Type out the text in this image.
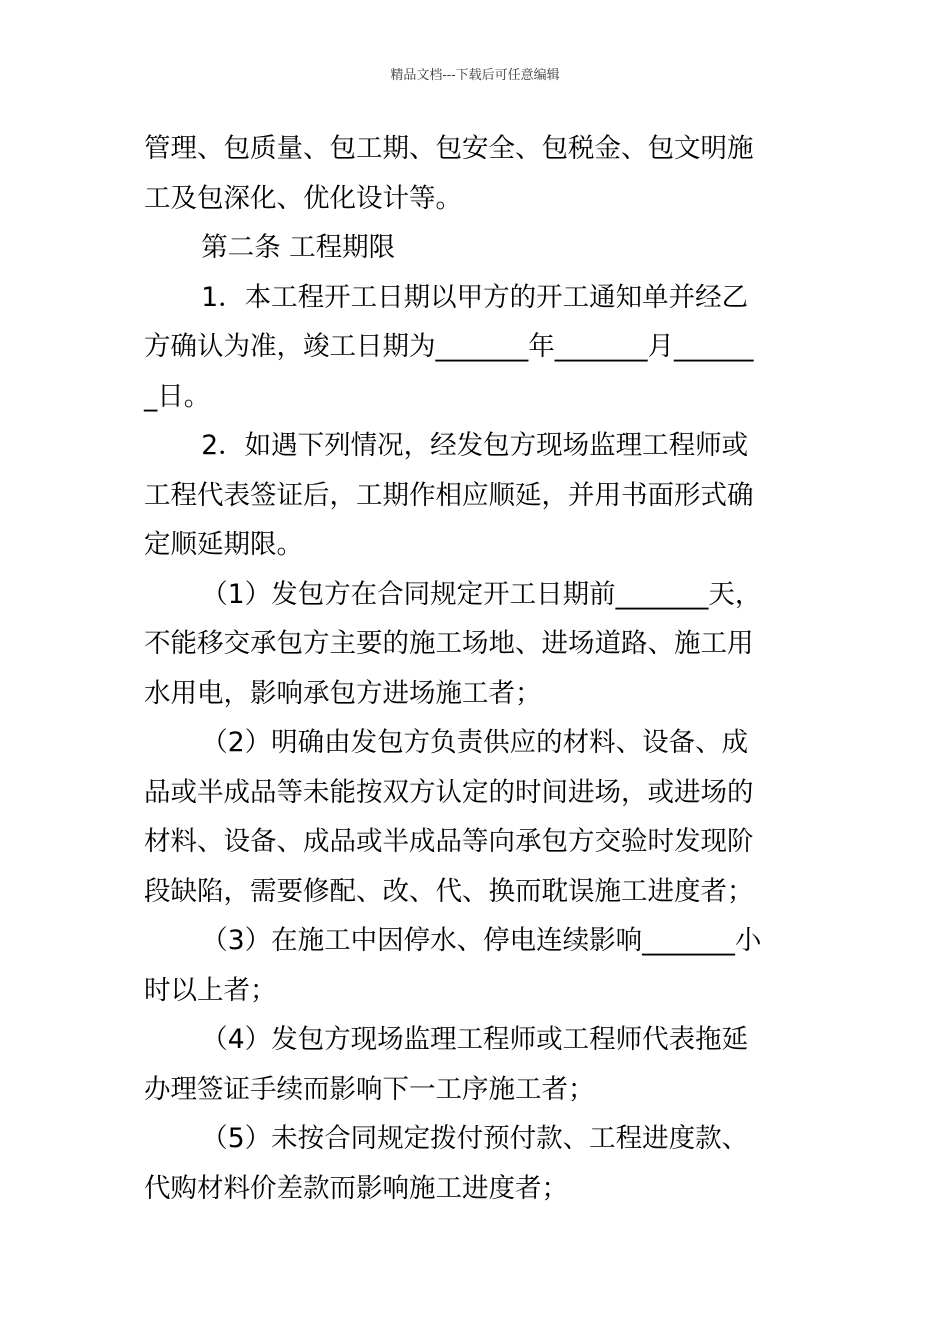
精品文档---下载后可任意编辑
管理、包质量、包工期、包安全、包税金、包文明施
工及包深化、优化设计等。
第二条 工程期限
1．本工程开工日期以甲方的开工通知单并经乙
方确认为准，竣工日期为_______年_______月______
_日。
2．如遇下列情况，经发包方现场监理工程师或
工程代表签证后，工期作相应顺延，并用书面形式确
定顺延期限。
（1）发包方在合同规定开工日期前_______天，
不能移交承包方主要的施工场地、进场道路、施工用
水用电，影响承包方进场施工者；
（2）明确由发包方负责供应的材料、设备、成
品或半成品等未能按双方认定的时间进场，或进场的
材料、设备、成品或半成品等向承包方交验时发现阶
段缺陷，需要修配、改、代、换而耽误施工进度者；
（3）在施工中因停水、停电连续影响_______小
时以上者；
（4）发包方现场监理工程师或工程师代表拖延
办理签证手续而影响下一工序施工者；
（5）未按合同规定拨付预付款、工程进度款、
代购材料价差款而影响施工进度者；
